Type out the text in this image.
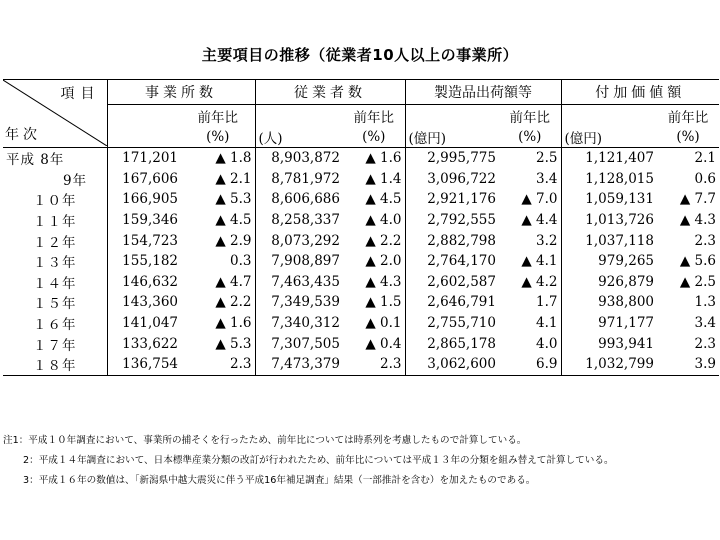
主要項目の推移（従業者10人以上の事業所）
項目
年次	事業所数		従業者数		製造品出荷額等		付加価値額	
		前年比		前年比		前年比		前年比
		(%)	(人)	(%)	(億円)	(%)	(億円)	(%)
平成 8年	171,201	▲ 1.8	8,903,872	▲ 1.6	2,995,775	2.5	1,121,407	2.1
9年	167,606	▲ 2.1	8,781,972	▲ 1.4	3,096,722	3.4	1,128,015	0.6
１０年	166,905	▲ 5.3	8,606,686	▲ 4.5	2,921,176	▲ 7.0	1,059,131	▲ 7.7
１１年	159,346	▲ 4.5	8,258,337	▲ 4.0	2,792,555	▲ 4.4	1,013,726	▲ 4.3
１２年	154,723	▲ 2.9	8,073,292	▲ 2.2	2,882,798	3.2	1,037,118	2.3
１３年	155,182	0.3	7,908,897	▲ 2.0	2,764,170	▲ 4.1	979,265	▲ 5.6
１４年	146,632	▲ 4.7	7,463,435	▲ 4.3	2,602,587	▲ 4.2	926,879	▲ 2.5
１５年	143,360	▲ 2.2	7,349,539	▲ 1.5	2,646,791	1.7	938,800	1.3
１６年	141,047	▲ 1.6	7,340,312	▲ 0.1	2,755,710	4.1	971,177	3.4
１７年	133,622	▲ 5.3	7,307,505	▲ 0.4	2,865,178	4.0	993,941	2.3
１８年	136,754	2.3	7,473,379	2.3	3,062,600	6.9	1,032,799	3.9
注1：平成１０年調査において、事業所の捕そくを行ったため、前年比については時系列を考慮したもので計算している。
2：平成１４年調査において、日本標準産業分類の改訂が行われたため、前年比については平成１３年の分類を組み替えて計算している。
3：平成１６年の数値は、「新潟県中越大震災に伴う平成16年補足調査」結果（一部推計を含む）を加えたものである。
